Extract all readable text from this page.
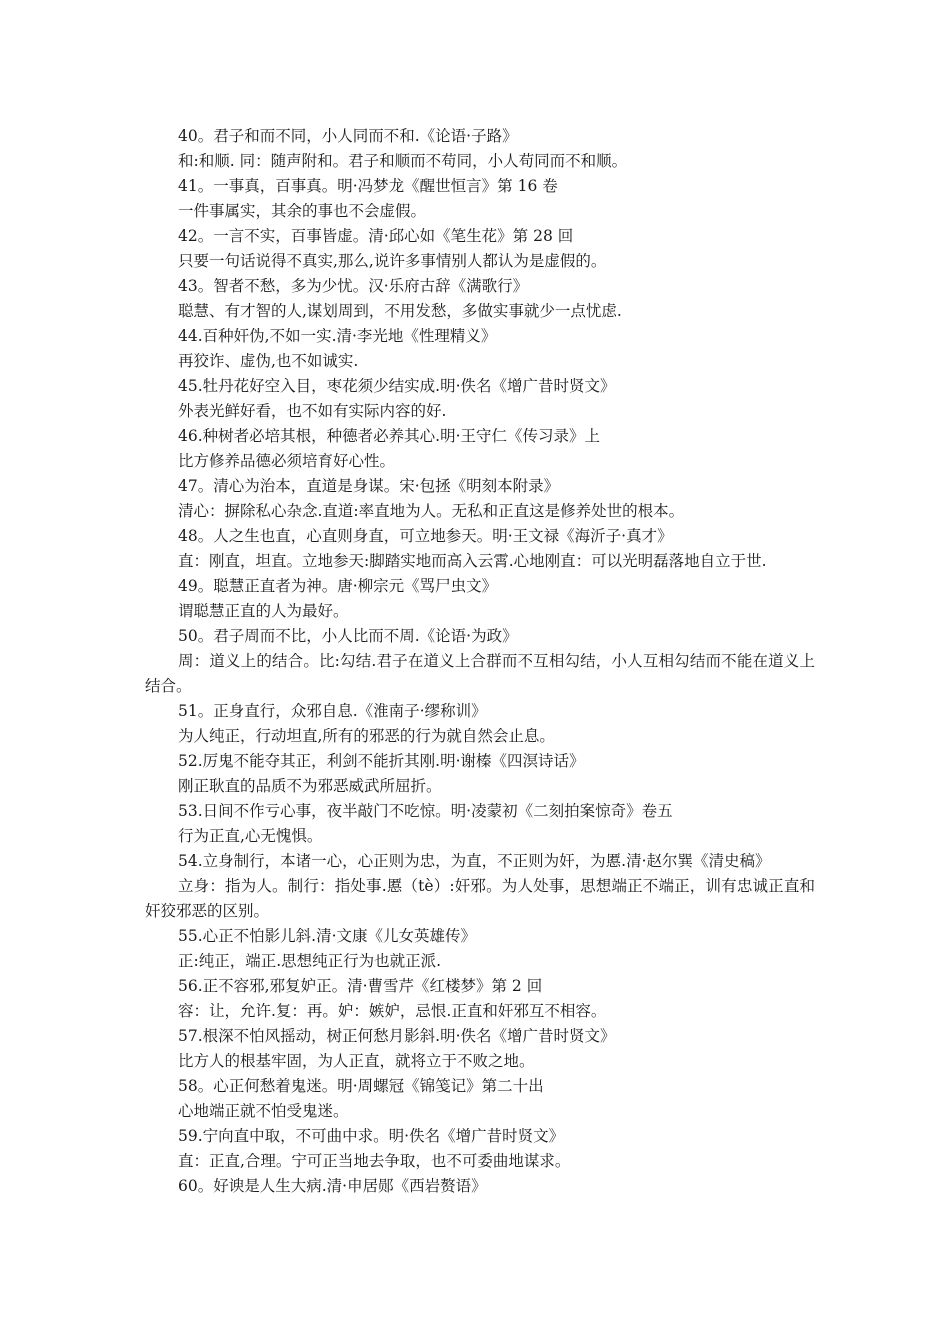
40。君子和而不同，小人同而不和.《论语·子路》

和:和顺. 同：随声附和。君子和顺而不苟同，小人苟同而不和顺。

41。一事真，百事真。明·冯梦龙《醒世恒言》第 16 卷

一件事属实，其余的事也不会虚假。

42。一言不实，百事皆虚。清·邱心如《笔生花》第 28 回

只要一句话说得不真实,那么,说许多事情别人都认为是虚假的。

43。智者不愁，多为少忧。汉·乐府古辞《满歌行》

聪慧、有才智的人,谋划周到，不用发愁，多做实事就少一点忧虑.

44.百种奸伪,不如一实.清·李光地《性理精义》

再狡诈、虚伪,也不如诚实.

45.牡丹花好空入目，枣花须少结实成.明·佚名《增广昔时贤文》

外表光鲜好看，也不如有实际内容的好.

46.种树者必培其根，种德者必养其心.明·王守仁《传习录》上

比方修养品德必须培育好心性。

47。清心为治本，直道是身谋。宋·包拯《明刻本附录》

清心：摒除私心杂念.直道:率直地为人。无私和正直这是修养处世的根本。

48。人之生也直，心直则身直，可立地参天。明·王文禄《海沂子·真才》

直：刚直，坦直。立地参天:脚踏实地而高入云霄.心地刚直：可以光明磊落地自立于世.

49。聪慧正直者为神。唐·柳宗元《骂尸虫文》

谓聪慧正直的人为最好。

50。君子周而不比，小人比而不周.《论语·为政》

周：道义上的结合。比:勾结.君子在道义上合群而不互相勾结，小人互相勾结而不能在道义上结合。

51。正身直行，众邪自息.《淮南子·缪称训》

为人纯正，行动坦直,所有的邪恶的行为就自然会止息。

52.厉鬼不能夺其正，利剑不能折其刚.明·谢榛《四溟诗话》

刚正耿直的品质不为邪恶威武所屈折。

53.日间不作亏心事，夜半敲门不吃惊。明·凌蒙初《二刻拍案惊奇》卷五

行为正直,心无愧惧。

54.立身制行，本诸一心，心正则为忠，为直，不正则为奸，为慝.清·赵尔巽《清史稿》

立身：指为人。制行：指处事.慝（tè）:奸邪。为人处事，思想端正不端正，训有忠诚正直和奸狡邪恶的区别。

55.心正不怕影儿斜.清·文康《儿女英雄传》

正:纯正，端正.思想纯正行为也就正派.

56.正不容邪,邪复妒正。清·曹雪芹《红楼梦》第 2 回

容：让，允许.复：再。妒：嫉妒，忌恨.正直和奸邪互不相容。

57.根深不怕风摇动，树正何愁月影斜.明·佚名《增广昔时贤文》

比方人的根基牢固，为人正直，就将立于不败之地。

58。心正何愁着鬼迷。明·周螺冠《锦笺记》第二十出

心地端正就不怕受鬼迷。

59.宁向直中取，不可曲中求。明·佚名《增广昔时贤文》

直：正直,合理。宁可正当地去争取，也不可委曲地谋求。

60。好谀是人生大病.清·申居郧《西岩赘语》
